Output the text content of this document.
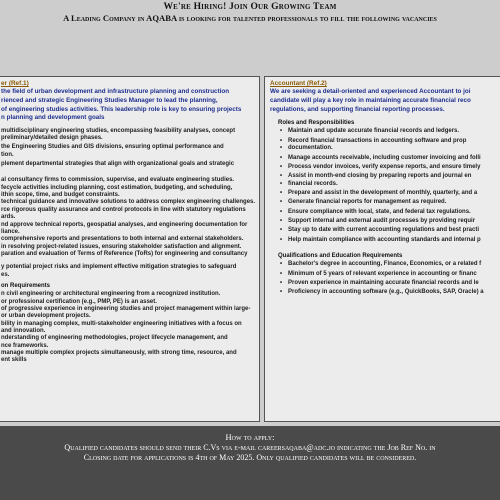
We're Hiring! Join Our Growing Team
A Leading Company in AQABA is looking for talented professionals to fill the following vacancies
er (Ref.1)
the field of urban development and infrastructure planning and construction
rienced and strategic Engineering Studies Manager to lead the planning,
of engineering studies activities. This leadership role is key to ensuring projects
n planning and development goals
multidisciplinary engineering studies, encompassing feasibility analyses, concept
preliminary/detailed design phases.
the Engineering Studies and GIS divisions, ensuring optimal performance and
tion.
plement departmental strategies that align with organizational goals and strategic
al consultancy firms to commission, supervise, and evaluate engineering studies.
fecycle activities including planning, cost estimation, budgeting, and scheduling,
ithin scope, time, and budget constraints.
technical guidance and innovative solutions to address complex engineering challenges.
rce rigorous quality assurance and control protocols in line with statutory regulations
ards.
nd approve technical reports, geospatial analyses, and engineering documentation for
liance.
comprehensive reports and presentations to both internal and external stakeholders.
in resolving project-related issues, ensuring stakeholder satisfaction and alignment.
paration and evaluation of Terms of Reference (ToRs) for engineering and consultancy
y potential project risks and implement effective mitigation strategies to safeguard
es.
on Requirements
n civil engineering or architectural engineering from a recognized institution.
or professional certification (e.g., PMP, PE) is an asset.
of progressive experience in engineering studies and project management within large-
or urban development projects.
bility in managing complex, multi-stakeholder engineering initiatives with a focus on
and innovation.
nderstanding of engineering methodologies, project lifecycle management, and
nce frameworks.
manage multiple complex projects simultaneously, with strong time, resource, and
ent skills
Accountant (Ref.2)
We are seeking a detail-oriented and experienced Accountant to joi
candidate will play a key role in maintaining accurate financial reco
regulations, and supporting financial reporting processes.
Roles and Responsibilities
• Maintain and update accurate financial records and ledgers.
• Record financial transactions in accounting software and prop
• documentation.
• Manage accounts receivable, including customer invoicing and folli
• Process vendor invoices, verify expense reports, and ensure timely
• Assist in month-end closing by preparing reports and journal en
• financial records.
• Prepare and assist in the development of monthly, quarterly, and a
• Generate financial reports for management as required.
• Ensure compliance with local, state, and federal tax regulations.
• Support internal and external audit processes by providing requir
• Stay up to date with current accounting regulations and best practi
• Help maintain compliance with accounting standards and internal p
Qualifications and Education Requirements
• Bachelor's degree in accounting, Finance, Economics, or a related f
• Minimum of 5 years of relevant experience in accounting or financ
• Proven experience in maintaining accurate financial records and le
• Proficiency in accounting software (e.g., QuickBooks, SAP, Oracle) a
How to apply:
Qualified candidates should send their C.Vs via e-mail careersaqaba@adc.jo indicating the Job Ref No. in
Closing date for applications is 4th of May 2025. Only qualified candidates will be considered.
